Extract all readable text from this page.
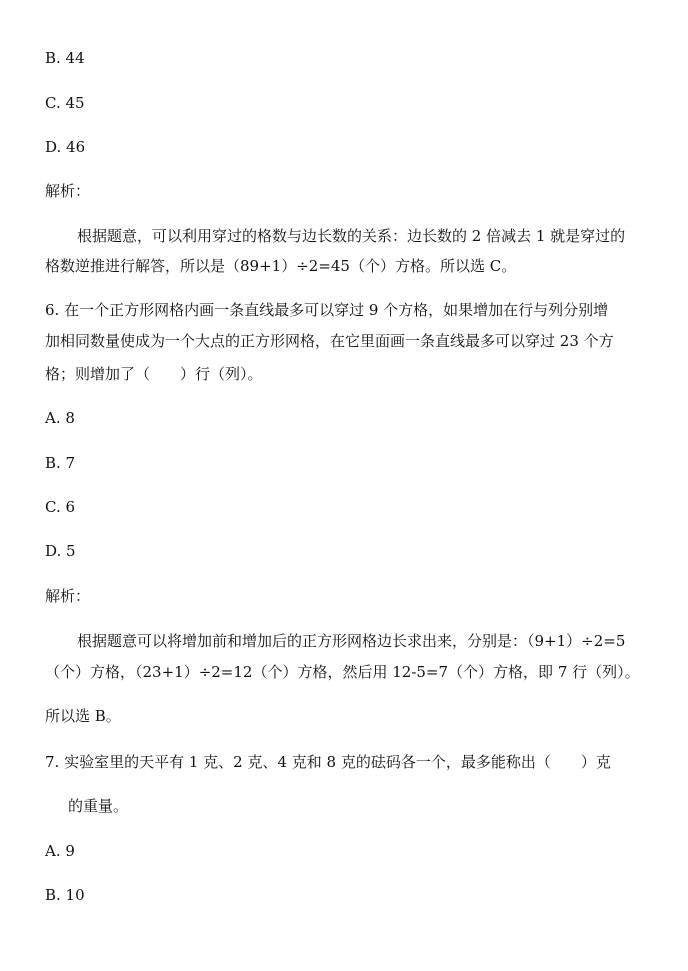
B. 44
C. 45
D. 46
解析：
根据题意，可以利用穿过的格数与边长数的关系：边长数的 2 倍减去 1 就是穿过的
格数逆推进行解答，所以是（89+1）÷2=45（个）方格。所以选 C。
6. 在一个正方形网格内画一条直线最多可以穿过 9 个方格，如果增加在行与列分别增
加相同数量使成为一个大点的正方形网格，在它里面画一条直线最多可以穿过 23 个方
格；则增加了（　　）行（列）。
A. 8
B. 7
C. 6
D. 5
解析：
根据题意可以将增加前和增加后的正方形网格边长求出来，分别是：（9+1）÷2=5
（个）方格，（23+1）÷2=12（个）方格，然后用 12-5=7（个）方格，即 7 行（列）。
所以选 B。
7. 实验室里的天平有 1 克、2 克、4 克和 8 克的砝码各一个，最多能称出（　　）克
的重量。
A. 9
B. 10
